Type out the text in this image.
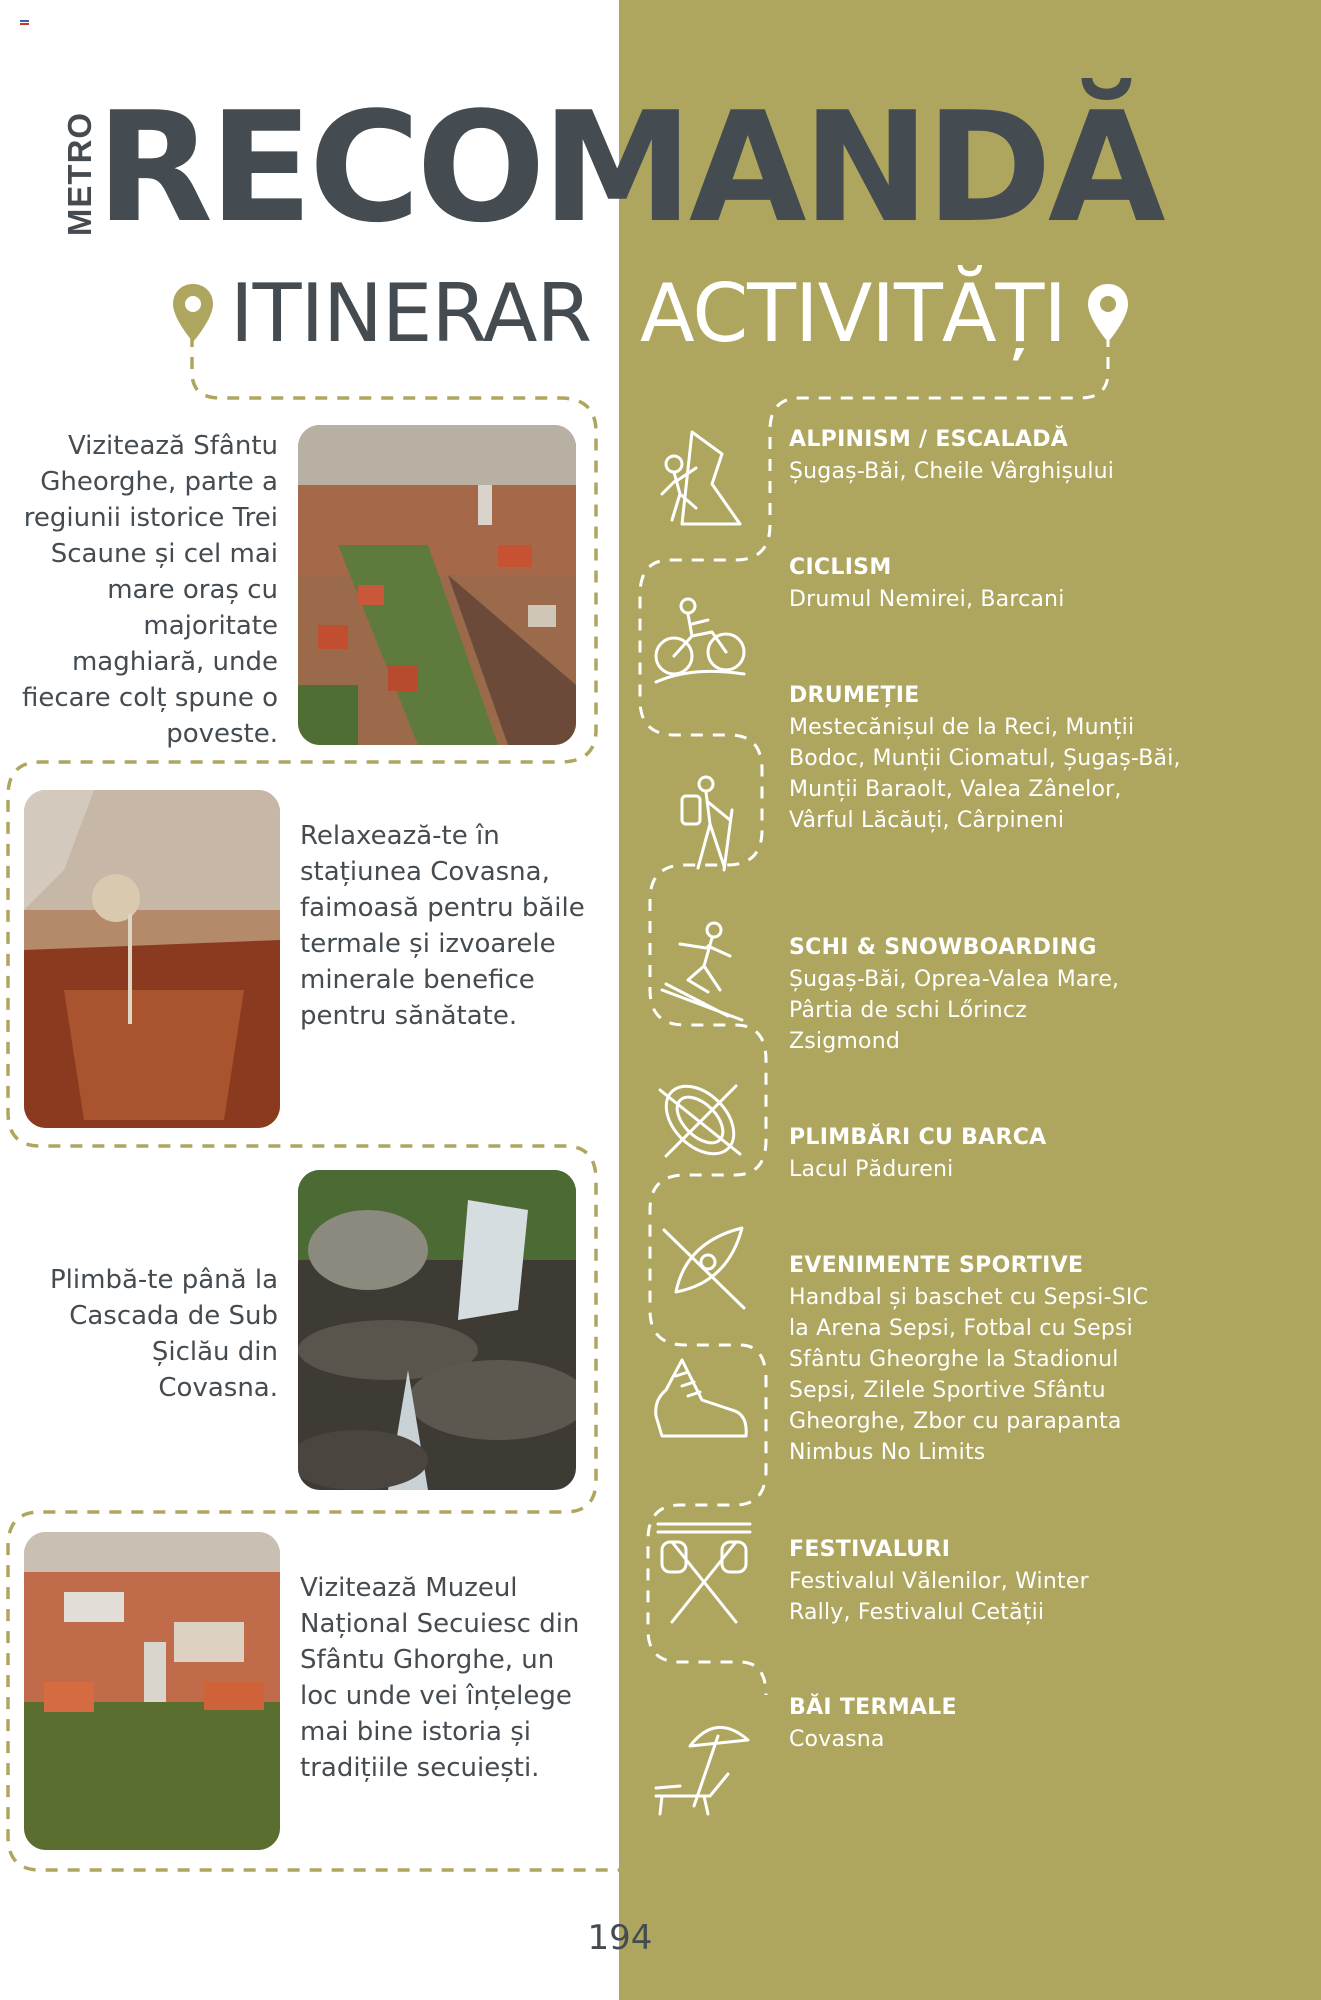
METRO
RECOMANDĂ
ITINERAR ACTIVITĂȚI
Vizitează Sfântu Gheorghe, parte a regiunii istorice Trei Scaune și cel mai mare oraș cu majoritate maghiară, unde fiecare colț spune o poveste.
Relaxează-te în stațiunea Covasna, faimoasă pentru băile termale și izvoarele minerale benefice pentru sănătate.
Plimbă-te până la Cascada de Sub Șiclău din Covasna.
Vizitează Muzeul Național Secuiesc din Sfântu Ghorghe, un loc unde vei înțelege mai bine istoria și tradițiile secuiești.
ALPINISM / ESCALADĂ
Șugaș-Băi, Cheile Vârghișului
CICLISM
Drumul Nemirei, Barcani
DRUMEȚIE
Mestecănișul de la Reci, Munții Bodoc, Munții Ciomatul, Șugaș-Băi, Munții Baraolt, Valea Zânelor, Vârful Lăcăuți, Cârpineni
SCHI & SNOWBOARDING
Șugaș-Băi, Oprea-Valea Mare, Pârtia de schi Lőrincz Zsigmond
PLIMBĂRI CU BARCA
Lacul Pădureni
EVENIMENTE SPORTIVE
Handbal și baschet cu Sepsi-SIC la Arena Sepsi, Fotbal cu Sepsi Sfântu Gheorghe la Stadionul Sepsi, Zilele Sportive Sfântu Gheorghe, Zbor cu parapanta Nimbus No Limits
FESTIVALURI
Festivalul Vălenilor, Winter Rally, Festivalul Cetății
BĂI TERMALE
Covasna
194
